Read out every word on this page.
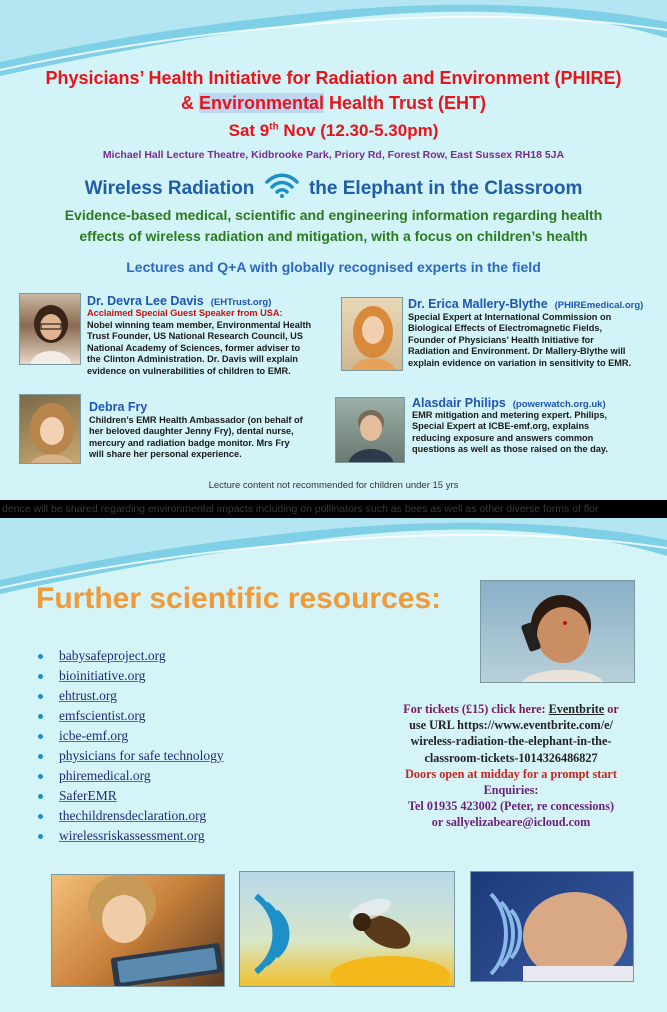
Physicians’ Health Initiative for Radiation and Environment (PHIRE)
& Environmental Health Trust (EHT)
Sat 9th Nov (12.30-5.30pm)
Michael Hall Lecture Theatre, Kidbrooke Park, Priory Rd, Forest Row, East Sussex RH18 5JA
Wireless Radiation	the Elephant in the Classroom
Evidence-based medical, scientific and engineering information regarding health
effects of wireless radiation and mitigation, with a focus on children’s health
Lectures and Q+A with globally recognised experts in the field
Dr. Devra Lee Davis (EHTrust.org)
Acclaimed Special Guest Speaker from USA:
Nobel winning team member, Environmental Health
Trust Founder, US National Research Council, US
National Academy of Sciences, former adviser to
the Clinton Administration. Dr. Davis will explain
evidence on vulnerabilities of children to EMR.
Dr. Erica Mallery-Blythe (PHIREmedical.org)
Special Expert at International Commission on
Biological Effects of Electromagnetic Fields,
Founder of Physicians’ Health Initiative for
Radiation and Environment. Dr Mallery-Blythe will
explain evidence on variation in sensitivity to EMR.
Debra Fry
Children’s EMR Health Ambassador (on behalf of
her beloved daughter Jenny Fry), dental nurse,
mercury and radiation badge monitor. Mrs Fry
will share her personal experience.
Alasdair Philips (powerwatch.org.uk)
EMR mitigation and metering expert. Philips,
Special Expert at ICBE-emf.org, explains
reducing exposure and answers common
questions as well as those raised on the day.
Lecture content not recommended for children under 15 yrs
dence will be shared regarding environmental impacts including on pollinators such as bees as well as other diverse forms of flor
Further scientific resources:
babysafeproject.org
bioinitiative.org
ehtrust.org
emfscientist.org
icbe-emf.org
physicians for safe technology
phiremedical.org
SaferEMR
thechildrensdeclaration.org
wirelessriskassessment.org
For tickets (£15) click here: Eventbrite or
use URL https://www.eventbrite.com/e/
wireless-radiation-the-elephant-in-the-
classroom-tickets-1014326486827
Doors open at midday for a prompt start
Enquiries:
Tel 01935 423002 (Peter, re concessions)
or sallyelizabeare@icloud.com
